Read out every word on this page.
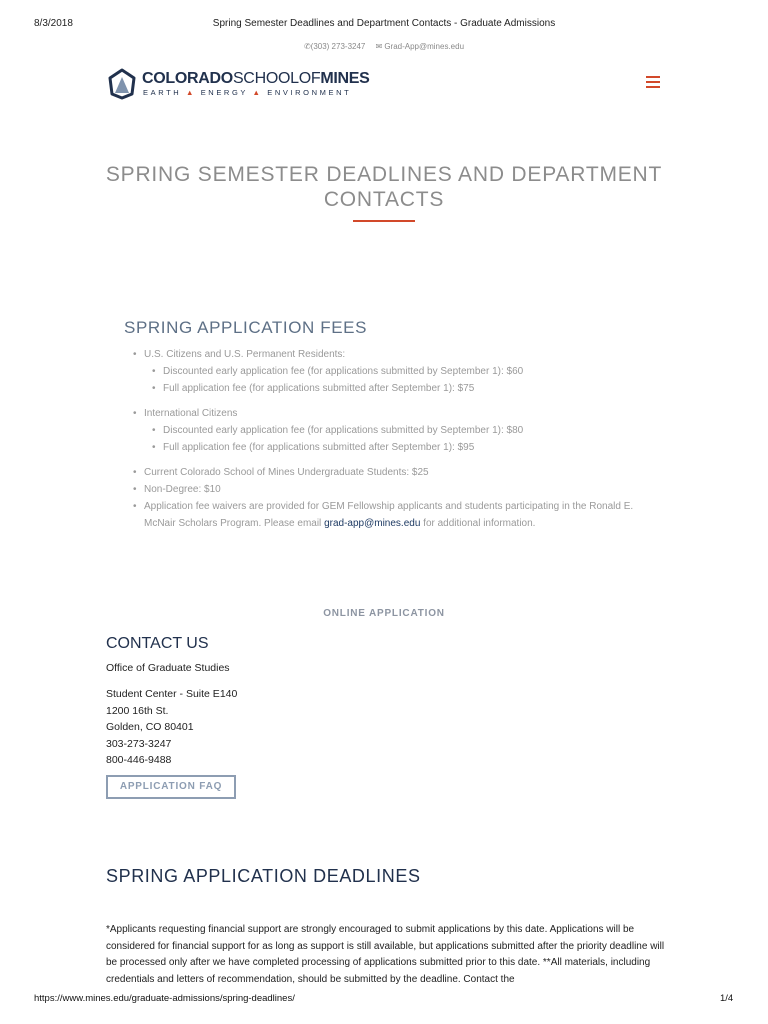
8/3/2018	Spring Semester Deadlines and Department Contacts - Graduate Admissions
✆(303) 273-3247 ✉ Grad-App@mines.edu
COLORADOSCHOOLOFMINES
EARTH ▲ ENERGY ▲ ENVIRONMENT
SPRING SEMESTER DEADLINES AND DEPARTMENT
CONTACTS
SPRING APPLICATION FEES
• U.S. Citizens and U.S. Permanent Residents:
• Discounted early application fee (for applications submitted by September 1): $60
• Full application fee (for applications submitted after September 1): $75
• International Citizens
• Discounted early application fee (for applications submitted by September 1): $80
• Full application fee (for applications submitted after September 1): $95
• Current Colorado School of Mines Undergraduate Students: $25
• Non-Degree: $10
• Application fee waivers are provided for GEM Fellowship applicants and students participating in the Ronald E. McNair Scholars Program. Please email grad-app@mines.edu for additional information.
ONLINE APPLICATION
CONTACT US
Office of Graduate Studies
Student Center - Suite E140
1200 16th St.
Golden, CO 80401
303-273-3247
800-446-9488
APPLICATION FAQ
SPRING APPLICATION DEADLINES
*Applicants requesting financial support are strongly encouraged to submit applications by this date. Applications will be considered for financial support for as long as support is still available, but applications submitted after the priority deadline will be processed only after we have completed processing of applications submitted prior to this date. **All materials, including credentials and letters of recommendation, should be submitted by the deadline. Contact the
https://www.mines.edu/graduate-admissions/spring-deadlines/	1/4
